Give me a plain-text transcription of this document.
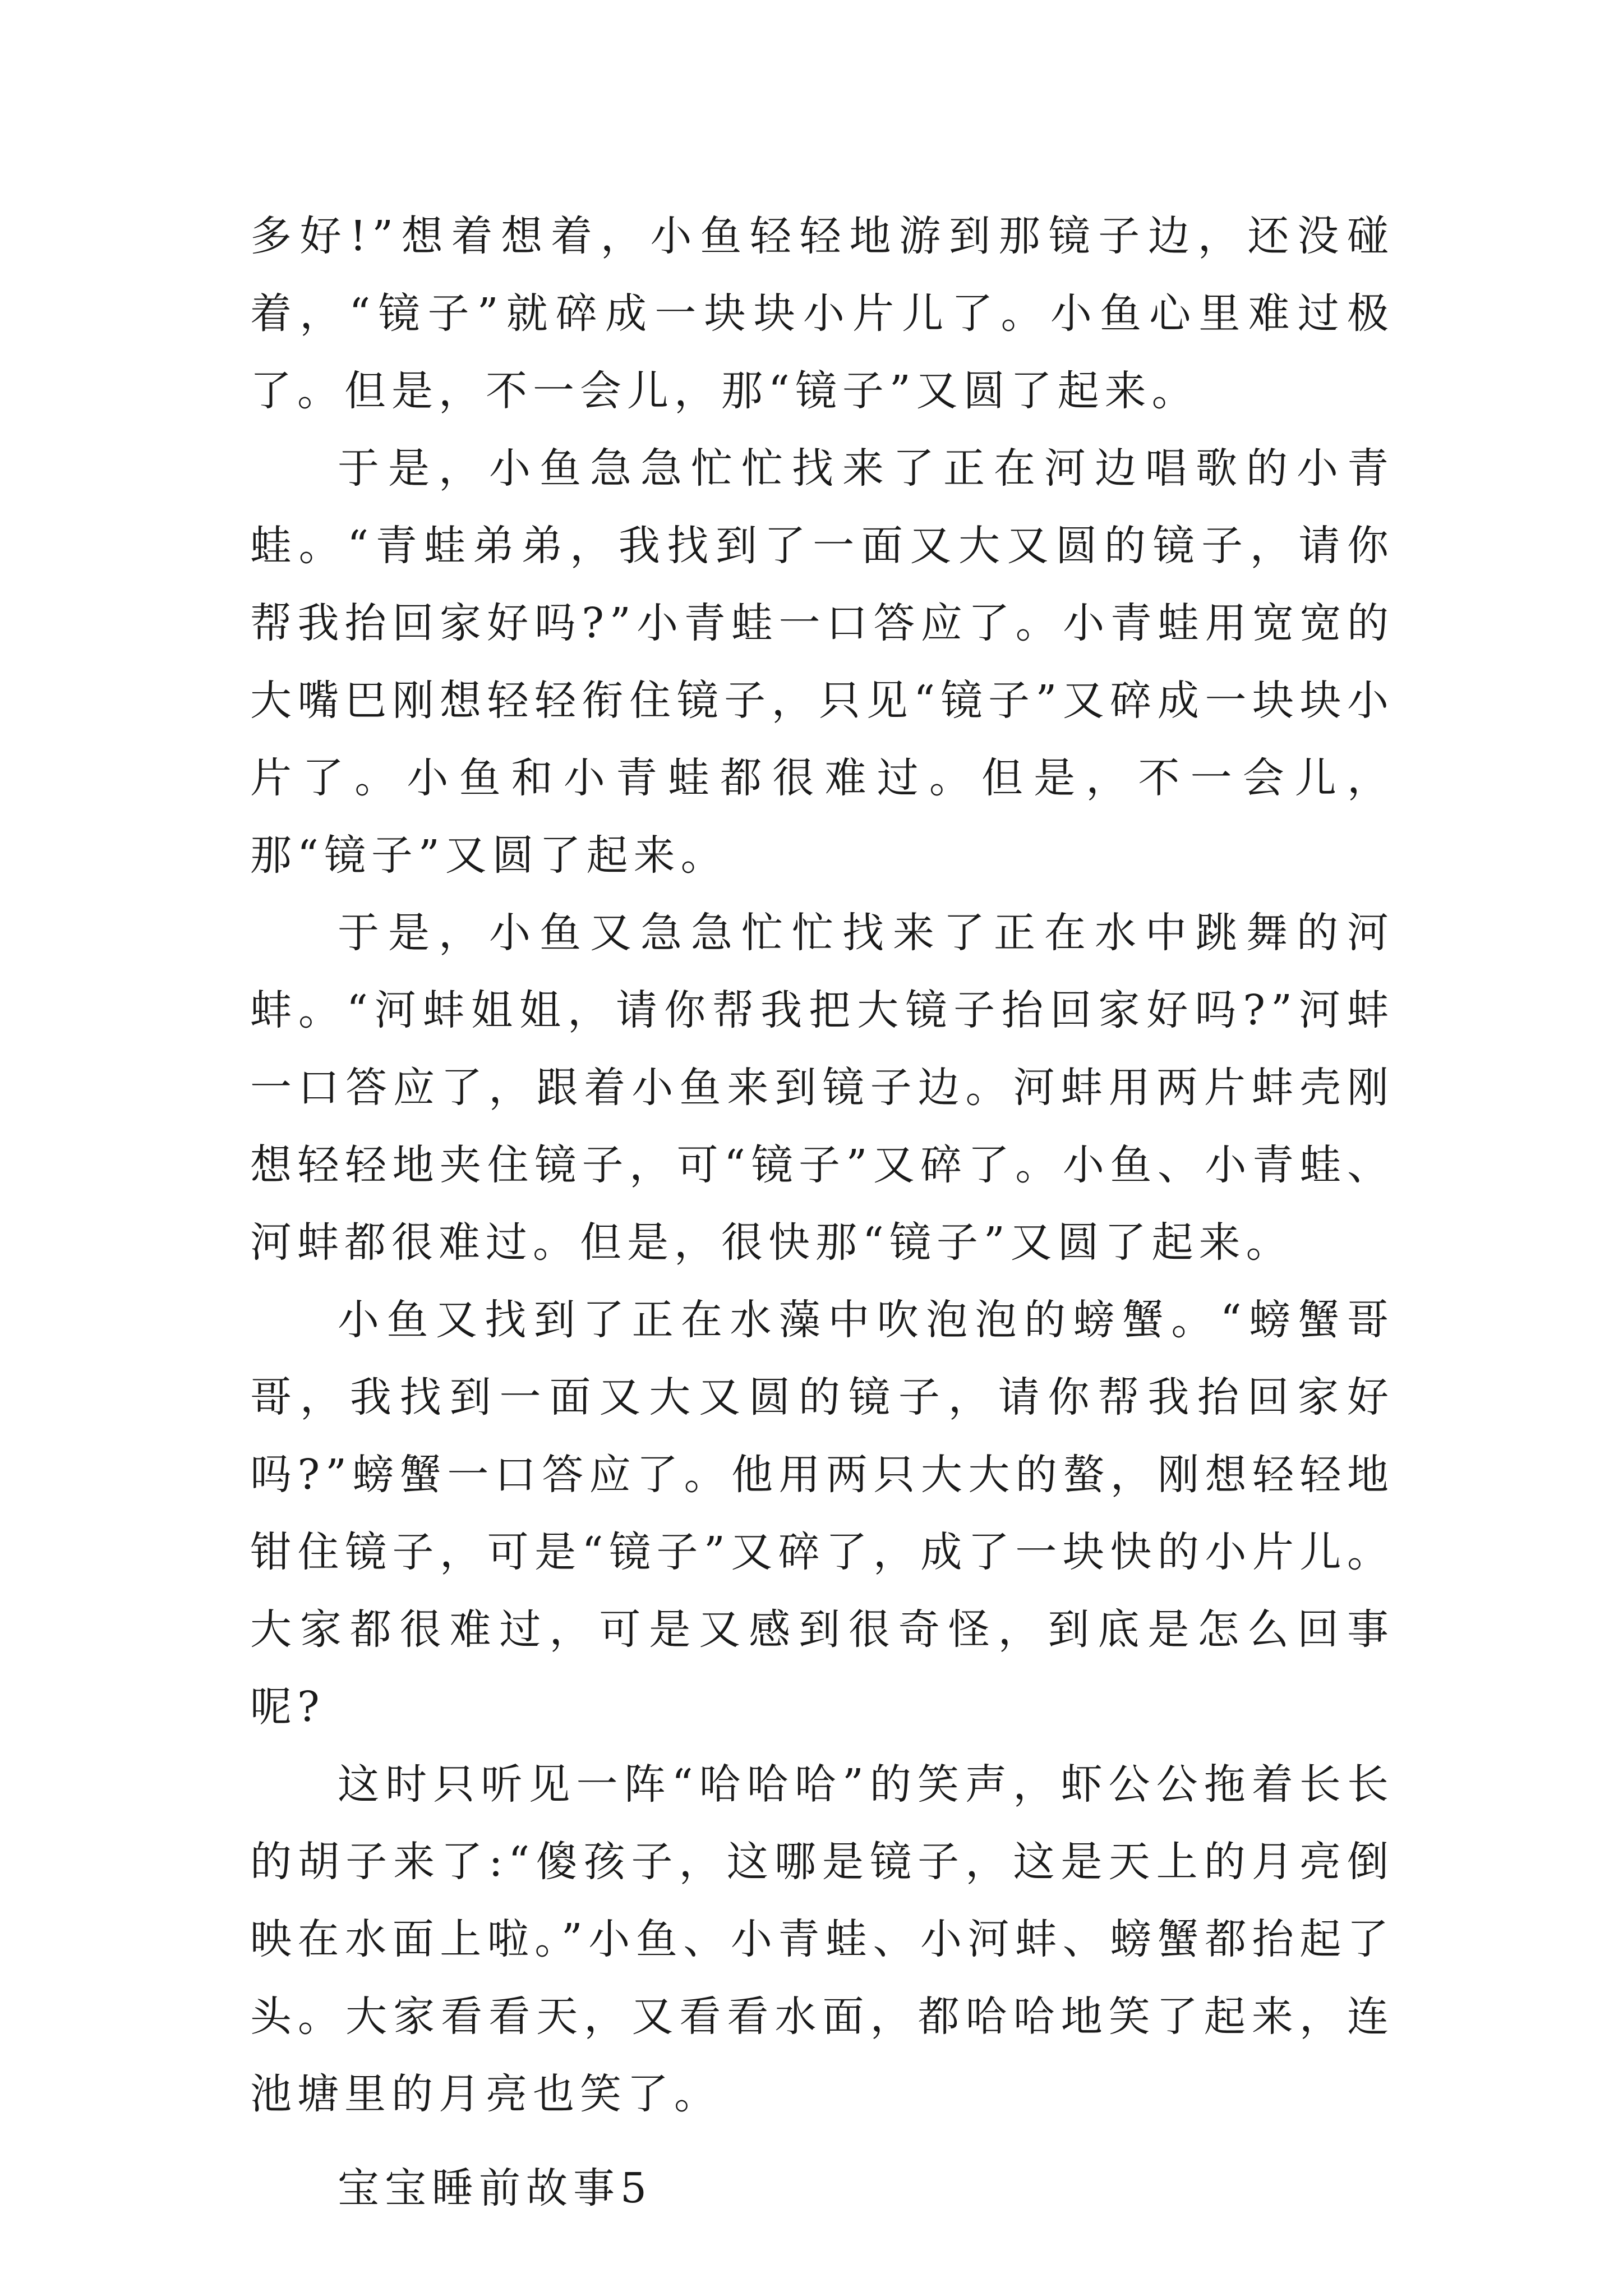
多好!”想着想着，小鱼轻轻地游到那镜子边，还没碰着，“镜子”就碎成一块块小片儿了。小鱼心里难过极了。但是，不一会儿，那“镜子”又圆了起来。

于是，小鱼急急忙忙找来了正在河边唱歌的小青蛙。“青蛙弟弟，我找到了一面又大又圆的镜子，请你帮我抬回家好吗?”小青蛙一口答应了。小青蛙用宽宽的大嘴巴刚想轻轻衔住镜子，只见“镜子”又碎成一块块小片了。小鱼和小青蛙都很难过。但是，不一会儿，那“镜子”又圆了起来。

于是，小鱼又急急忙忙找来了正在水中跳舞的河蚌。“河蚌姐姐，请你帮我把大镜子抬回家好吗?”河蚌一口答应了，跟着小鱼来到镜子边。河蚌用两片蚌壳刚想轻轻地夹住镜子，可“镜子”又碎了。小鱼、小青蛙、河蚌都很难过。但是，很快那“镜子”又圆了起来。

小鱼又找到了正在水藻中吹泡泡的螃蟹。“螃蟹哥哥，我找到一面又大又圆的镜子，请你帮我抬回家好吗?”螃蟹一口答应了。他用两只大大的螯，刚想轻轻地钳住镜子，可是“镜子”又碎了，成了一块快的小片儿。大家都很难过，可是又感到很奇怪，到底是怎么回事呢?

这时只听见一阵“哈哈哈”的笑声，虾公公拖着长长的胡子来了:“傻孩子，这哪是镜子，这是天上的月亮倒映在水面上啦。”小鱼、小青蛙、小河蚌、螃蟹都抬起了头。大家看看天，又看看水面，都哈哈地笑了起来，连池塘里的月亮也笑了。

宝宝睡前故事5
